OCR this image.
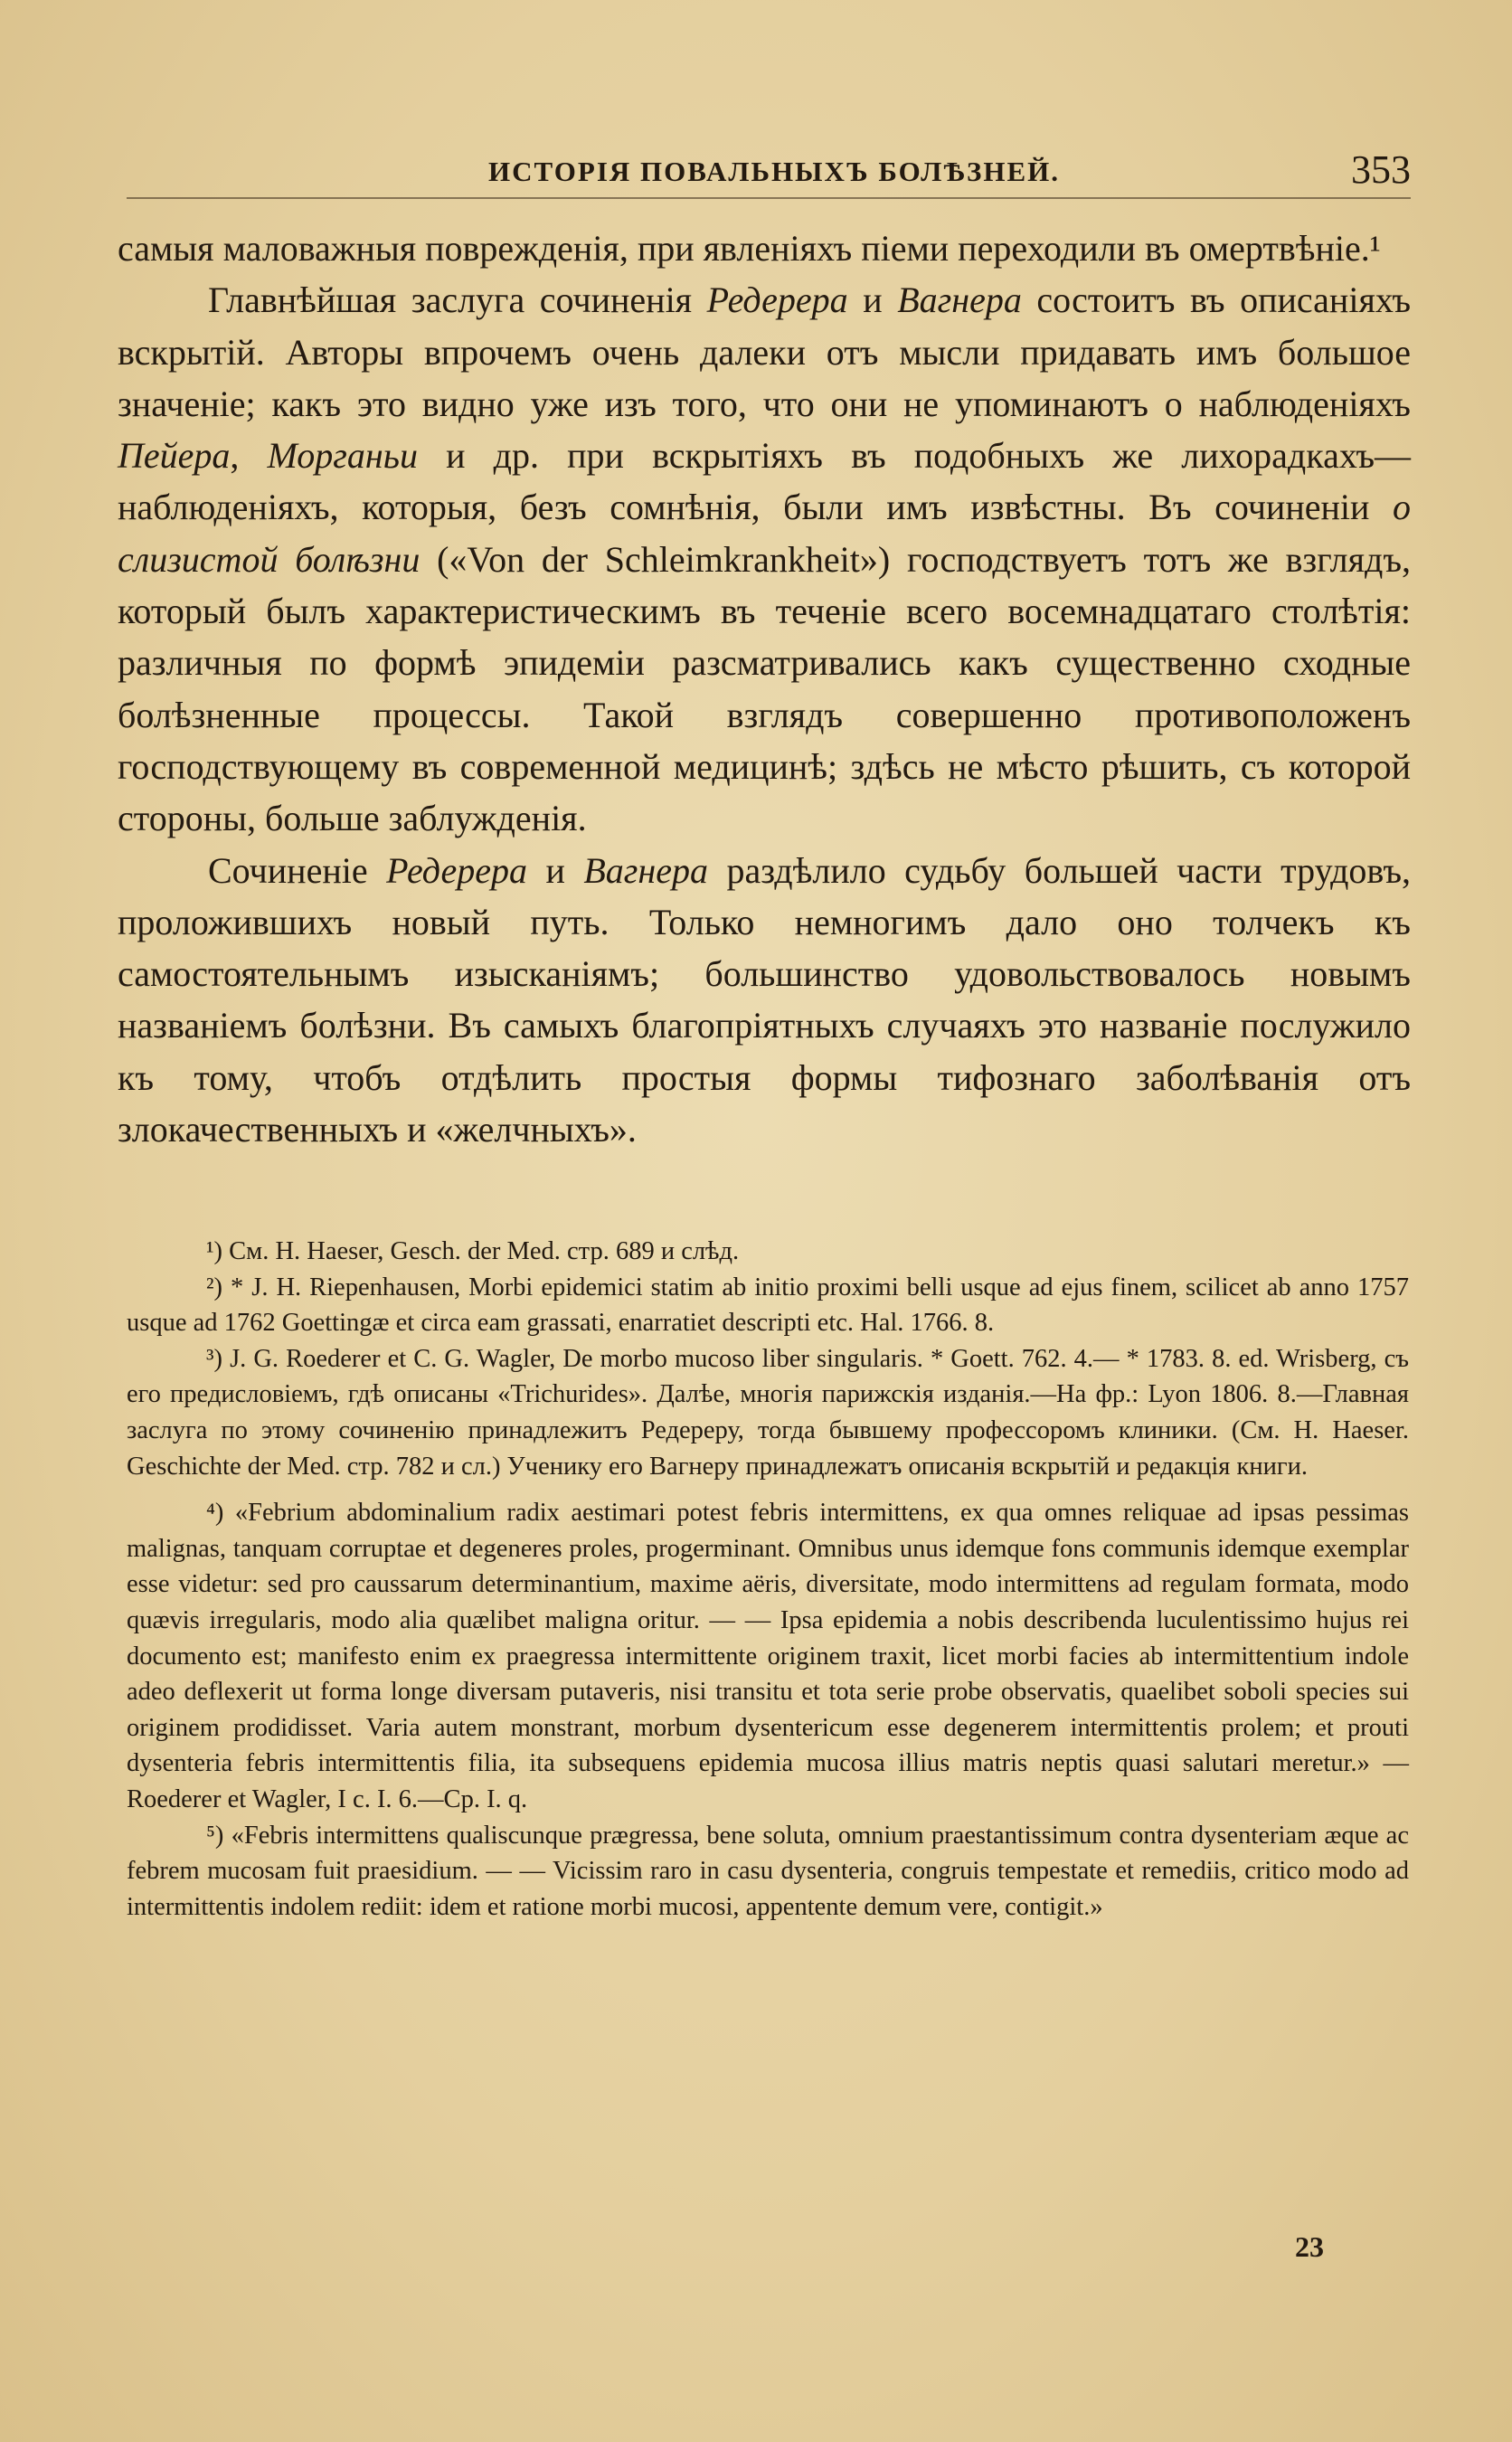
ИСТОРІЯ ПОВАЛЬНЫХЪ БОЛѢЗНЕЙ.	353

самыя маловажныя поврежденія, при явленіяхъ піеми переходили въ омертвѣніе.¹

Главнѣйшая заслуга сочиненія Редерера и Вагнера состоитъ въ описаніяхъ вскрытій. Авторы впрочемъ очень далеки отъ мысли придавать имъ большое значеніе; какъ это видно уже изъ того, что они не упоминаютъ о наблюденіяхъ Пейера, Морганьи и др. при вскрытіяхъ въ подобныхъ же лихорадкахъ—наблюденіяхъ, которыя, безъ сомнѣнія, были имъ извѣстны. Въ сочиненіи о слизистой болѣзни («Von der Schleimkrankheit») господствуетъ тотъ же взглядъ, который былъ характеристическимъ въ теченіе всего восемнадцатаго столѣтія: различныя по формѣ эпидеміи разсматривались какъ существенно сходные болѣзненные процессы. Такой взглядъ совершенно противоположенъ господствующему въ современной медицинѣ; здѣсь не мѣсто рѣшить, съ которой стороны, больше заблужденія.

Сочиненіе Редерера и Вагнера раздѣлило судьбу большей части трудовъ, проложившихъ новый путь. Только немногимъ дало оно толчекъ къ самостоятельнымъ изысканіямъ; большинство удовольствовалось новымъ названіемъ болѣзни. Въ самыхъ благопріятныхъ случаяхъ это названіе послужило къ тому, чтобъ отдѣлить простыя формы тифознаго заболѣванія отъ злокачественныхъ и «желчныхъ».

¹) См. H. Haeser, Gesch. der Med. стр. 689 и слѣд.

²) * J. H. Riepenhausen, Morbi epidemici statim ab initio proximi belli usque ad ejus finem, scilicet ab anno 1757 usque ad 1762 Goettingæ et circa eam grassati, enarratiet descripti etc. Hal. 1766. 8.

³) J. G. Roederer et C. G. Wagler, De morbo mucoso liber singularis. * Goett. 762. 4.— * 1783. 8. ed. Wrisberg, съ его предисловіемъ, гдѣ описаны «Trichurides». Далѣе, многія парижскія изданія.—На фр.: Lyon 1806. 8.—Главная заслуга по этому сочиненію принадлежитъ Редереру, тогда бывшему профессоромъ клиники. (См. H. Haeser. Geschichte der Med. стр. 782 и сл.) Ученику его Вагнеру принадлежатъ описанія вскрытій и редакція книги.

⁴) «Febrium abdominalium radix aestimari potest febris intermittens, ex qua omnes reliquae ad ipsas pessimas malignas, tanquam corruptae et degeneres proles, progerminant. Omnibus unus idemque fons communis idemque exemplar esse videtur: sed pro caussarum determinantium, maxime aëris, diversitate, modo intermittens ad regulam formata, modo quævis irregularis, modo alia quælibet maligna oritur. — — Ipsa epidemia a nobis describenda luculentissimo hujus rei documento est; manifesto enim ex praegressa intermittente originem traxit, licet morbi facies ab intermittentium indole adeo deflexerit ut forma longe diversam putaveris, nisi transitu et tota serie probe observatis, quaelibet soboli species sui originem prodidisset. Varia autem monstrant, morbum dysentericum esse degenerem intermittentis prolem; et prouti dysenteria febris intermittentis filia, ita subsequens epidemia mucosa illius matris neptis quasi salutari meretur.» — Roederer et Wagler, I c. I. 6.—Cp. I. q.

⁵) «Febris intermittens qualiscunque prægressa, bene soluta, omnium praestantissimum contra dysenteriam æque ac febrem mucosam fuit praesidium. — — Vicissim raro in casu dysenteria, congruis tempestate et remediis, critico modo ad intermittentis indolem rediit: idem et ratione morbi mucosi, appentente demum vere, contigit.»

23
